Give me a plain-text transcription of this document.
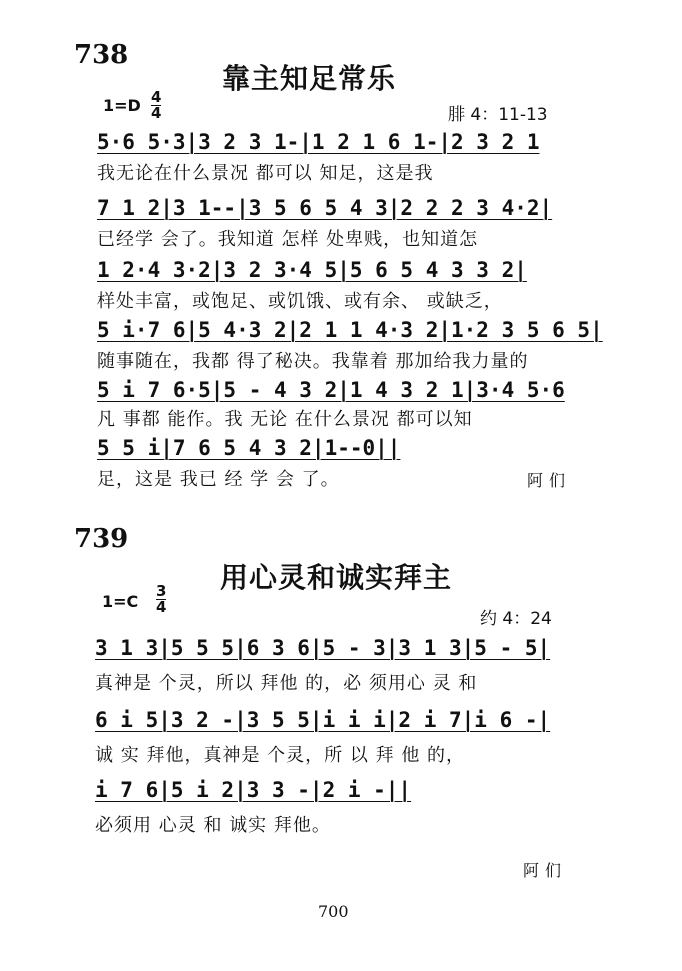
738
靠主知足常乐
1=D 4
4	腓 4：11-13
5·6 5·3|3 2 3 1-|1 2 1 6 1-|2 3 2 1
我无论在什么景况 都可以 知足，这是我
7 1 2|3 1--|3 5 6 5 4 3|2 2 2 3 4·2|
已经学 会了。我知道 怎样 处卑贱，也知道怎
1 2·4 3·2|3 2 3·4 5|5 6 5 4 3 3 2|
样处丰富，或饱足、或饥饿、或有余、 或缺乏，
5 i·7 6|5 4·3 2|2 1 1 4·3 2|1·2 3 5 6 5|
随事随在，我都 得了秘决。我靠着 那加给我力量的
5 i 7 6·5|5 - 4 3 2|1 4 3 2 1|3·4 5·6
凡 事都 能作。我 无论 在什么景况 都可以知
5 5 i|7 6 5 4 3 2|1--0||
足，这是 我已 经 学 会 了。	阿们
739
用心灵和诚实拜主
1=C
3
4
约 4：24
3 1 3|5 5 5|6 3 6|5 - 3|3 1 3|5 - 5|
真神是 个灵，所以 拜他 的，必 须用心 灵 和
6 i 5|3 2 -|3 5 5|i i i|2 i 7|i 6 -|
诚 实 拜他，真神是 个灵，所 以 拜 他 的，
i 7 6|5 i 2|3 3 -|2 i -||
必须用 心灵 和 诚实 拜他。
阿们
700
